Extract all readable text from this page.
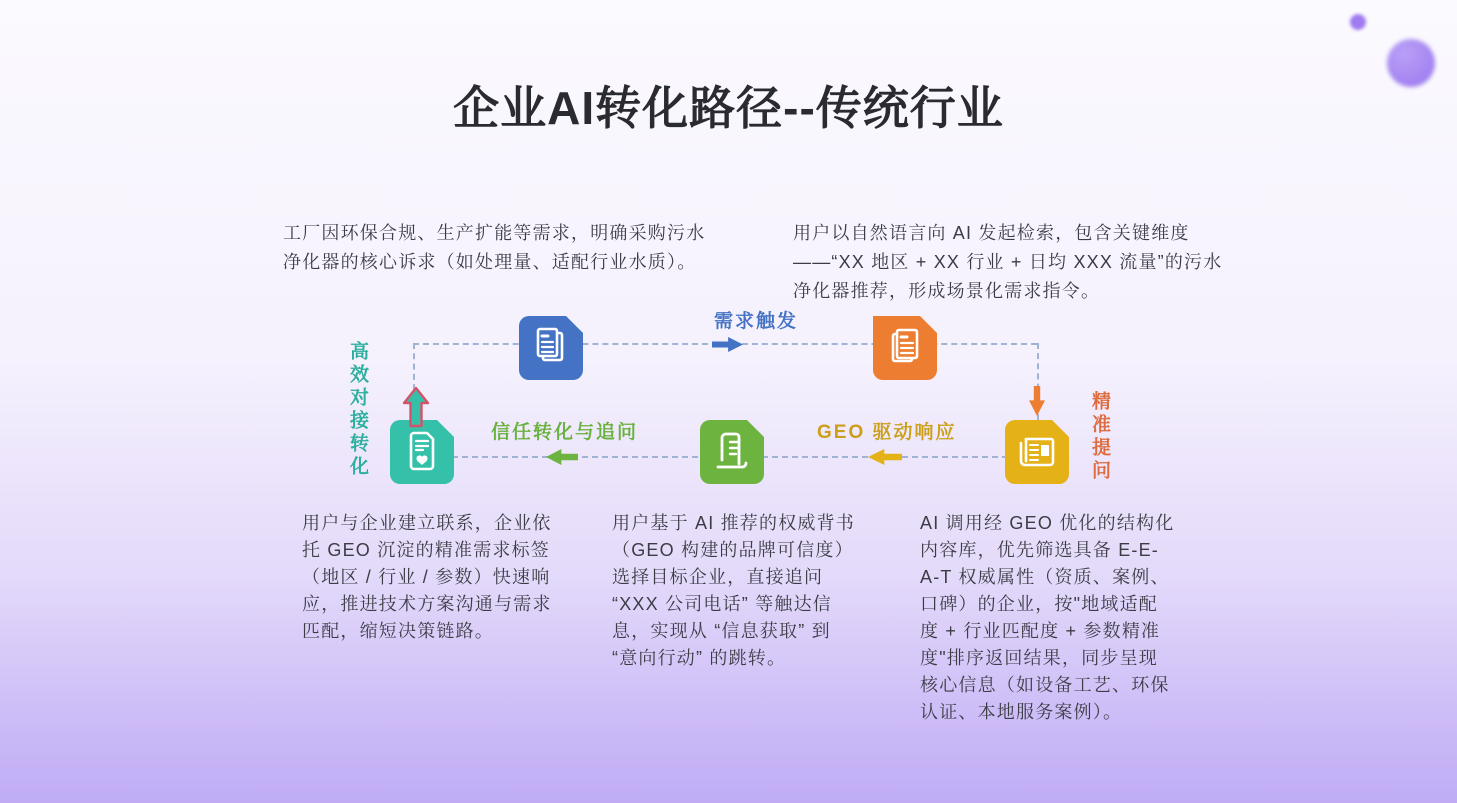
企业AI转化路径--传统行业

工厂因环保合规、生产扩能等需求，明确采购污水净化器的核心诉求（如处理量、适配行业水质）。

用户以自然语言向 AI 发起检索，包含关键维度 ——“XX 地区 + XX 行业 + 日均 XXX 流量”的污水净化器推荐，形成场景化需求指令。

用户与企业建立联系，企业依托 GEO 沉淀的精准需求标签（地区 / 行业 / 参数）快速响应，推进技术方案沟通与需求匹配，缩短决策链路。

用户基于 AI 推荐的权威背书（GEO 构建的品牌可信度）选择目标企业，直接追问 “XXX 公司电话” 等触达信息，实现从 “信息获取” 到 “意向行动” 的跳转。

AI 调用经 GEO 优化的结构化内容库，优先筛选具备 E-E-A-T 权威属性（资质、案例、口碑）的企业，按"地域适配度 + 行业匹配度 + 参数精准度"排序返回结果，同步呈现核心信息（如设备工艺、环保认证、本地服务案例）。

需求触发
GEO 驱动响应
信任转化与追问	精准提问
高效对接转化
